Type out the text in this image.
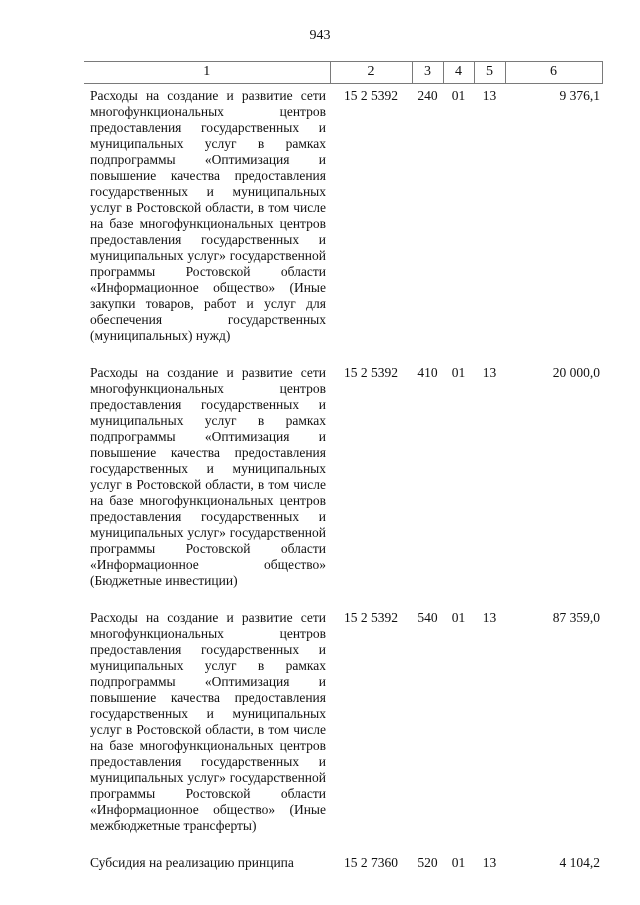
943
1	2	3	4	5	6
Расходы на создание и развитие сети многофункциональных центров предоставления государственных и муниципальных услуг в рамках подпрограммы «Оптимизация и повышение качества предоставления государственных и муниципальных услуг в Ростовской области, в том числе на базе многофункциональных центров предоставления государственных и муниципальных услуг» государственной программы Ростовской области «Информационное общество» (Иные закупки товаров, работ и услуг для обеспечения государственных (муниципальных) нужд)	15 2 5392	240	01	13	9 376,1
Расходы на создание и развитие сети многофункциональных центров предоставления государственных и муниципальных услуг в рамках подпрограммы «Оптимизация и повышение качества предоставления государственных и муниципальных услуг в Ростовской области, в том числе на базе многофункциональных центров предоставления государственных и муниципальных услуг» государственной программы Ростовской области «Информационное общество» (Бюджетные инвестиции)	15 2 5392	410	01	13	20 000,0
Расходы на создание и развитие сети многофункциональных центров предоставления государственных и муниципальных услуг в рамках подпрограммы «Оптимизация и повышение качества предоставления государственных и муниципальных услуг в Ростовской области, в том числе на базе многофункциональных центров предоставления государственных и муниципальных услуг» государственной программы Ростовской области «Информационное общество» (Иные межбюджетные трансферты)	15 2 5392	540	01	13	87 359,0
Субсидия на реализацию принципа	15 2 7360	520	01	13	4 104,2
